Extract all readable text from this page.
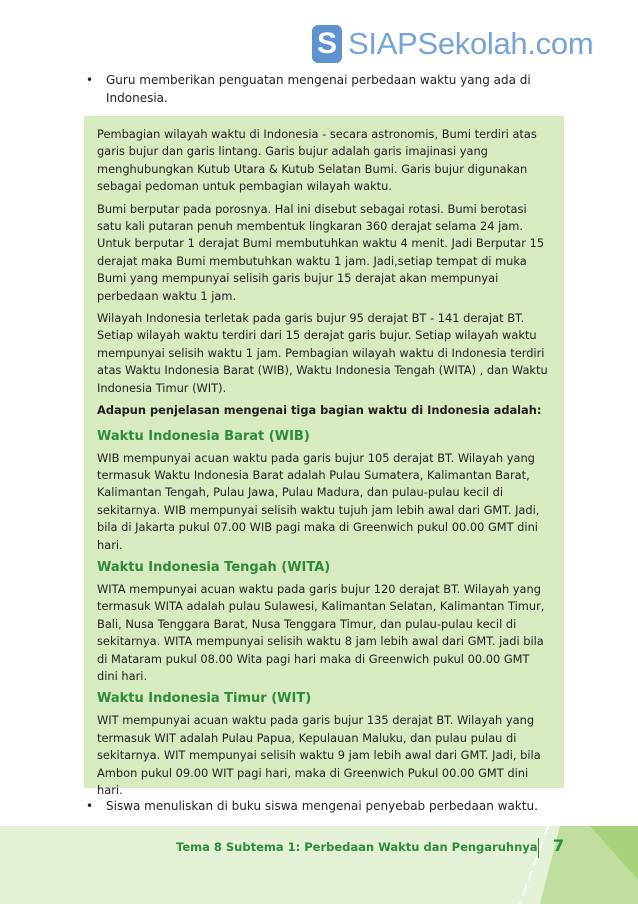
S SIAPSekolah.com
• Guru memberikan penguatan mengenai perbedaan waktu yang ada di Indonesia.

Pembagian wilayah waktu di Indonesia - secara astronomis, Bumi terdiri atas garis bujur dan garis lintang. Garis bujur adalah garis imajinasi yang menghubungkan Kutub Utara & Kutub Selatan Bumi. Garis bujur digunakan sebagai pedoman untuk pembagian wilayah waktu.

Bumi berputar pada porosnya. Hal ini disebut sebagai rotasi. Bumi berotasi satu kali putaran penuh membentuk lingkaran 360 derajat selama 24 jam. Untuk berputar 1 derajat Bumi membutuhkan waktu 4 menit. Jadi Berputar 15 derajat maka Bumi membutuhkan waktu 1 jam. Jadi,setiap tempat di muka Bumi yang mempunyai selisih garis bujur 15 derajat akan mempunyai perbedaan waktu 1 jam.

Wilayah Indonesia terletak pada garis bujur 95 derajat BT - 141 derajat BT. Setiap wilayah waktu terdiri dari 15 derajat garis bujur. Setiap wilayah waktu mempunyai selisih waktu 1 jam. Pembagian wilayah waktu di Indonesia terdiri atas Waktu Indonesia Barat (WIB), Waktu Indonesia Tengah (WITA) , dan Waktu Indonesia Timur (WIT).

Adapun penjelasan mengenai tiga bagian waktu di Indonesia adalah:

Waktu Indonesia Barat (WIB)

WIB mempunyai acuan waktu pada garis bujur 105 derajat BT. Wilayah yang termasuk Waktu Indonesia Barat adalah Pulau Sumatera, Kalimantan Barat, Kalimantan Tengah, Pulau Jawa, Pulau Madura, dan pulau-pulau kecil di sekitarnya. WIB mempunyai selisih waktu tujuh jam lebih awal dari GMT. Jadi, bila di Jakarta pukul 07.00 WIB pagi maka di Greenwich pukul 00.00 GMT dini hari.

Waktu Indonesia Tengah (WITA)

WITA mempunyai acuan waktu pada garis bujur 120 derajat BT. Wilayah yang termasuk WITA adalah pulau Sulawesi, Kalimantan Selatan, Kalimantan Timur, Bali, Nusa Tenggara Barat, Nusa Tenggara Timur, dan pulau-pulau kecil di sekitarnya. WITA mempunyai selisih waktu 8 jam lebih awal dari GMT. jadi bila di Mataram pukul 08.00 Wita pagi hari maka di Greenwich pukul 00.00 GMT dini hari.

Waktu Indonesia Timur (WIT)

WIT mempunyai acuan waktu pada garis bujur 135 derajat BT. Wilayah yang termasuk WIT adalah Pulau Papua, Kepulauan Maluku, dan pulau pulau di sekitarnya. WIT mempunyai selisih waktu 9 jam lebih awal dari GMT. Jadi, bila Ambon pukul 09.00 WIT pagi hari, maka di Greenwich Pukul 00.00 GMT dini hari.

• Siswa menuliskan di buku siswa mengenai penyebab perbedaan waktu.
Tema 8 Subtema 1: Perbedaan Waktu dan Pengaruhnya 7
